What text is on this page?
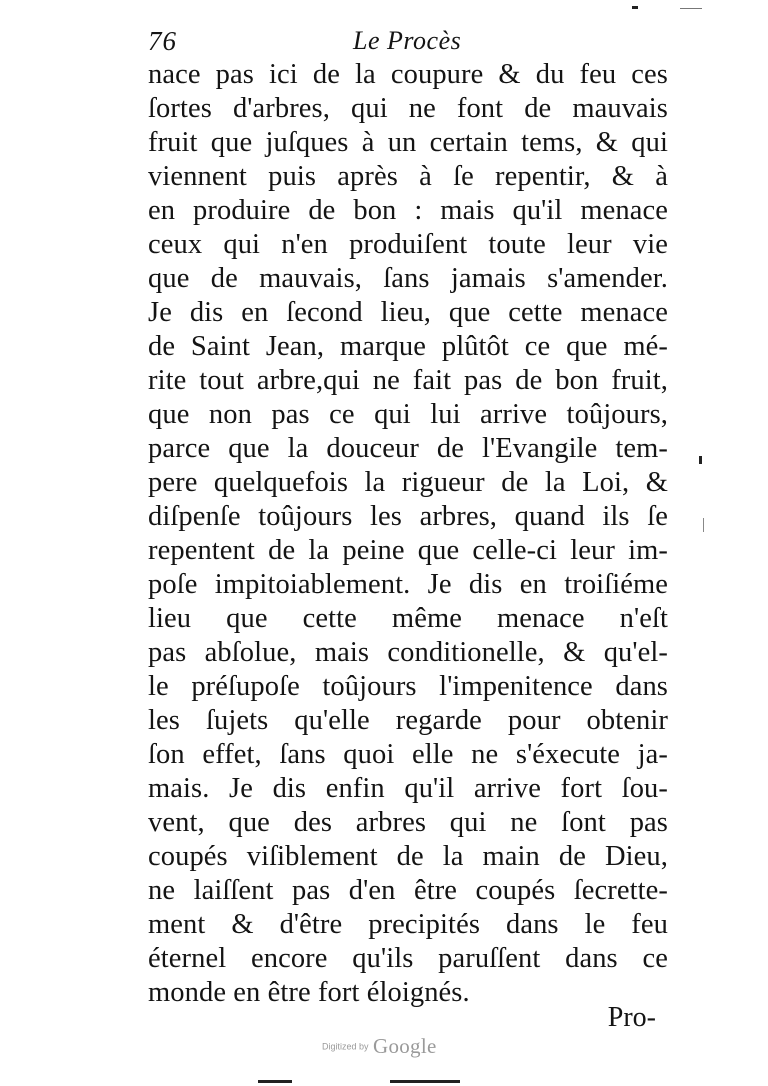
76	Le Procès
nace pas ici de la coupure & du feu ces
ſortes d'arbres, qui ne font de mauvais
fruit que juſques à un certain tems, & qui
viennent puis après à ſe repentir, & à
en produire de bon : mais qu'il menace
ceux qui n'en produiſent toute leur vie
que de mauvais, ſans jamais s'amender.
Je dis en ſecond lieu, que cette menace
de Saint Jean, marque plûtôt ce que mé-
rite tout arbre,qui ne fait pas de bon fruit,
que non pas ce qui lui arrive toûjours,
parce que la douceur de l'Evangile tem-
pere quelquefois la rigueur de la Loi, &
diſpenſe toûjours les arbres, quand ils ſe
repentent de la peine que celle-ci leur im-
poſe impitoiablement. Je dis en troiſiéme
lieu que cette même menace n'eſt
pas abſolue, mais conditionelle, & qu'el-
le préſupoſe toûjours l'impenitence dans
les ſujets qu'elle regarde pour obtenir
ſon effet, ſans quoi elle ne s'éxecute ja-
mais. Je dis enfin qu'il arrive fort ſou-
vent, que des arbres qui ne ſont pas
coupés viſiblement de la main de Dieu,
ne laiſſent pas d'en être coupés ſecrette-
ment & d'être precipités dans le feu
éternel encore qu'ils paruſſent dans ce
monde en être fort éloignés.
Pro-
Digitized by Google
